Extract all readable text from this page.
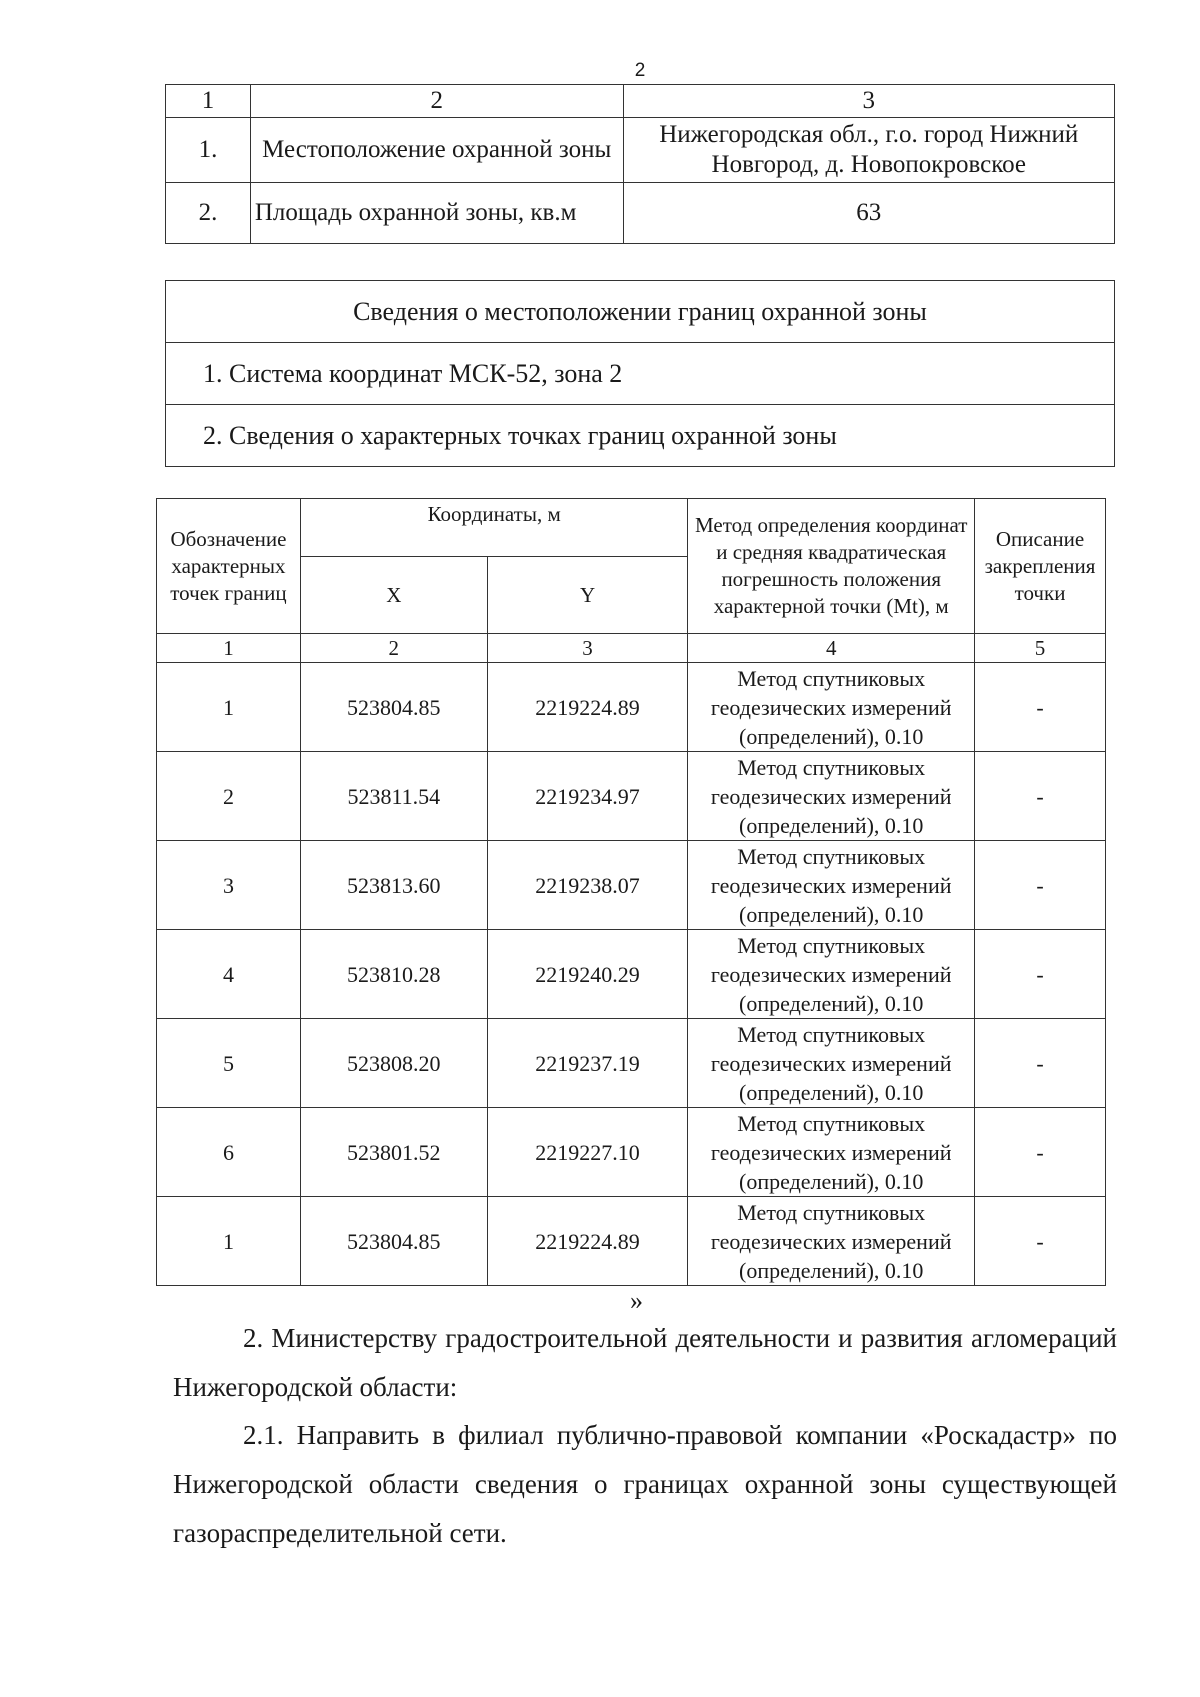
2
1	2	3
1.	Местоположение охранной зоны	Нижегородская обл., г.о. город Нижний
Новгород, д. Новопокровское

2.	Площадь охранной зоны, кв.м	63
Сведения о местоположении границ охранной зоны
1. Система координат МСК-52, зона 2
2. Сведения о характерных точках границ охранной зоны
Обозначение характерных точек границ	Координаты, м		Метод определения координат и средняя квадратическая погрешность положения характерной точки (Mt), м	Описание закрепления точки
	X	Y		
1	2	3	4	5
1	523804.85	2219224.89	Метод спутниковых
геодезических измерений
(определений), 0.10	-
2	523811.54	2219234.97	Метод спутниковых
геодезических измерений
(определений), 0.10	-
3	523813.60	2219238.07	Метод спутниковых
геодезических измерений
(определений), 0.10	-
4	523810.28	2219240.29	Метод спутниковых
геодезических измерений
(определений), 0.10	-
5	523808.20	2219237.19	Метод спутниковых
геодезических измерений
(определений), 0.10	-
6	523801.52	2219227.10	Метод спутниковых
геодезических измерений
(определений), 0.10	-
1	523804.85	2219224.89	Метод спутниковых
геодезических измерений
(определений), 0.10	-
»
2. Министерству градостроительной деятельности и развития агломераций Нижегородской области:
2.1. Направить в филиал публично-правовой компании «Роскадастр» по Нижегородской области сведения о границах охранной зоны существующей газораспределительной сети.
